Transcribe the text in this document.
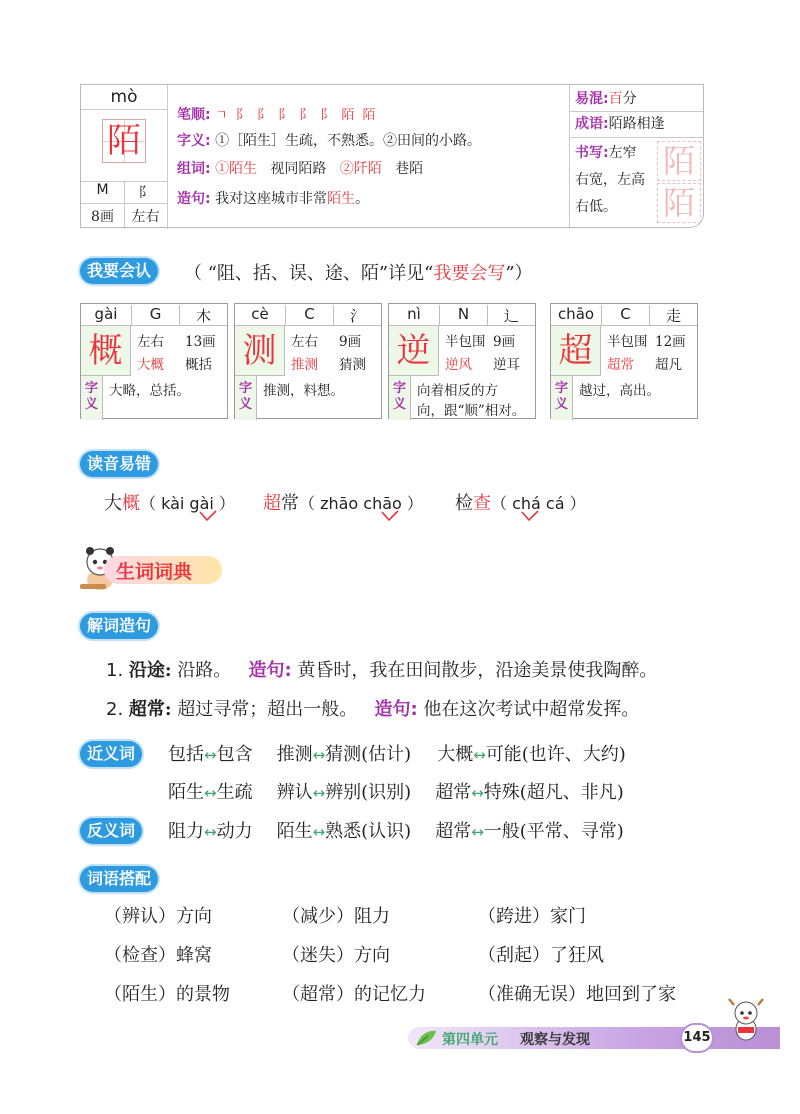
mò
陌
M	阝
8画	左右
笔顺: ㄱ 阝 阝 阝 阝 阝 陌 陌
字义: ①［陌生］生疏，不熟悉。②田间的小路。
组词: ①陌生 视同陌路 ②阡陌 巷陌
造句: 我对这座城市非常陌生。
易混:百分
成语:陌路相逢
书写:左窄
右宽，左高
右低。
陌
陌
我要会认	（ “阻、括、误、途、陌”详见“我要会写”）
gài	G	木
概	左右 13画
大概 概括
字义
大略，总括。
cè	C	氵
测	左右 9画
推测 猜测
字义
推测，料想。
nì	N	辶
逆	半包围 9画
逆风 逆耳
字义
向着相反的方
向，跟“顺”相对。
chāo	C	走
超	半包围 12画
超常 超凡
字义
越过，高出。
读音易错
大概（ kài gài ） 超常（ zhāo chāo ） 检查（ chá cá ）
生词词典
解词造句
1. 沿途: 沿路。 造句: 黄昏时，我在田间散步，沿途美景使我陶醉。
2. 超常: 超过寻常；超出一般。 造句: 他在这次考试中超常发挥。
近义词	包括↔包含 推测↔猜测(估计) 大概↔可能(也许、大约)
陌生↔生疏 辨认↔辨别(识别) 超常↔特殊(超凡、非凡)
反义词	阻力↔动力 陌生↔熟悉(认识) 超常↔一般(平常、寻常)
词语搭配
（辨认）方向	（减少）阻力	（跨进）家门
（检查）蜂窝	（迷失）方向	（刮起）了狂风
（陌生）的景物	（超常）的记忆力	（准确无误）地回到了家
第四单元 观察与发现	145
